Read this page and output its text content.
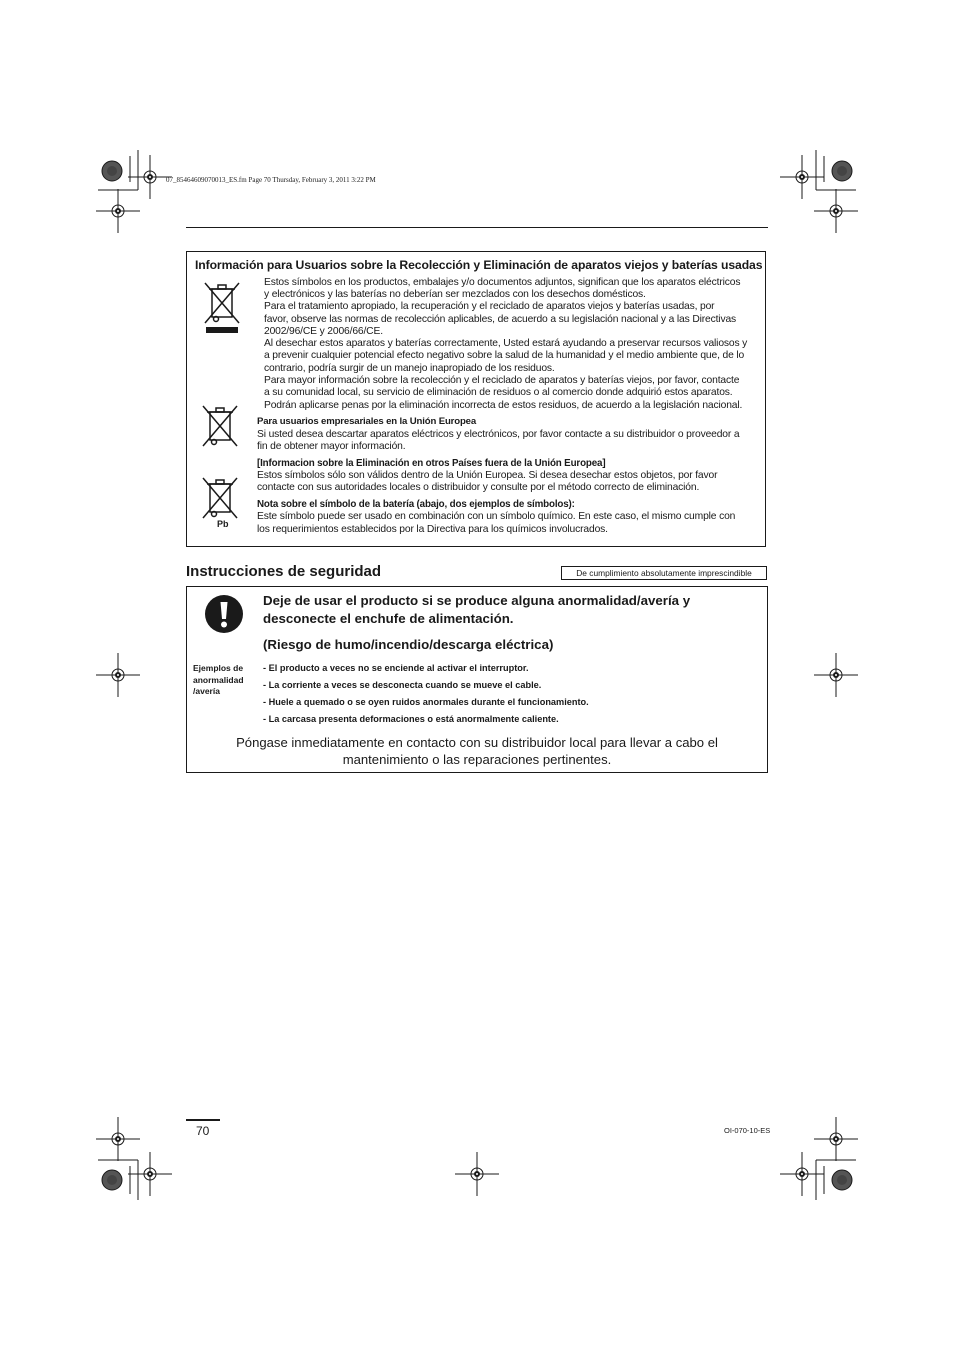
07_85464609070013_ES.fm Page 70 Thursday, February 3, 2011 3:22 PM
Información para Usuarios sobre la Recolección y Eliminación de aparatos viejos y baterías usadas
Pb
Estos símbolos en los productos, embalajes y/o documentos adjuntos, significan que los aparatos eléctricos
y electrónicos y las baterías no deberían ser mezclados con los desechos domésticos.
Para el tratamiento apropiado, la recuperación y el reciclado de aparatos viejos y baterías usadas, por
favor, observe las normas de recolección aplicables, de acuerdo a su legislación nacional y a las Directivas
2002/96/CE y 2006/66/CE.
Al desechar estos aparatos y baterías correctamente, Usted estará ayudando a preservar recursos valiosos y
a prevenir cualquier potencial efecto negativo sobre la salud de la humanidad y el medio ambiente que, de lo
contrario, podría surgir de un manejo inapropiado de los residuos.
Para mayor información sobre la recolección y el reciclado de aparatos y baterías viejos, por favor, contacte
a su comunidad local, su servicio de eliminación de residuos o al comercio donde adquirió estos aparatos.
Podrán aplicarse penas por la eliminación incorrecta de estos residuos, de acuerdo a la legislación nacional.
Para usuarios empresariales en la Unión Europea
Si usted desea descartar aparatos eléctricos y electrónicos, por favor contacte a su distribuidor o proveedor a
fin de obtener mayor información.
[Informacion sobre la Eliminación en otros Países fuera de la Unión Europea]
Estos símbolos sólo son válidos dentro de la Unión Europea. Si desea desechar estos objetos, por favor
contacte con sus autoridades locales o distribuidor y consulte por el método correcto de eliminación.
Nota sobre el símbolo de la batería (abajo, dos ejemplos de símbolos):
Este símbolo puede ser usado en combinación con un símbolo químico. En este caso, el mismo cumple con
los requerimientos establecidos por la Directiva para los químicos involucrados.
Instrucciones de seguridad	De cumplimiento absolutamente imprescindible
Deje de usar el producto si se produce alguna anormalidad/avería y
desconecte el enchufe de alimentación.
(Riesgo de humo/incendio/descarga eléctrica)
Ejemplos de
anormalidad
/avería
- El producto a veces no se enciende al activar el interruptor.
- La corriente a veces se desconecta cuando se mueve el cable.
- Huele a quemado o se oyen ruidos anormales durante el funcionamiento.
- La carcasa presenta deformaciones o está anormalmente caliente.
Póngase inmediatamente en contacto con su distribuidor local para llevar a cabo el
mantenimiento o las reparaciones pertinentes.
70	OI-070-10-ES
